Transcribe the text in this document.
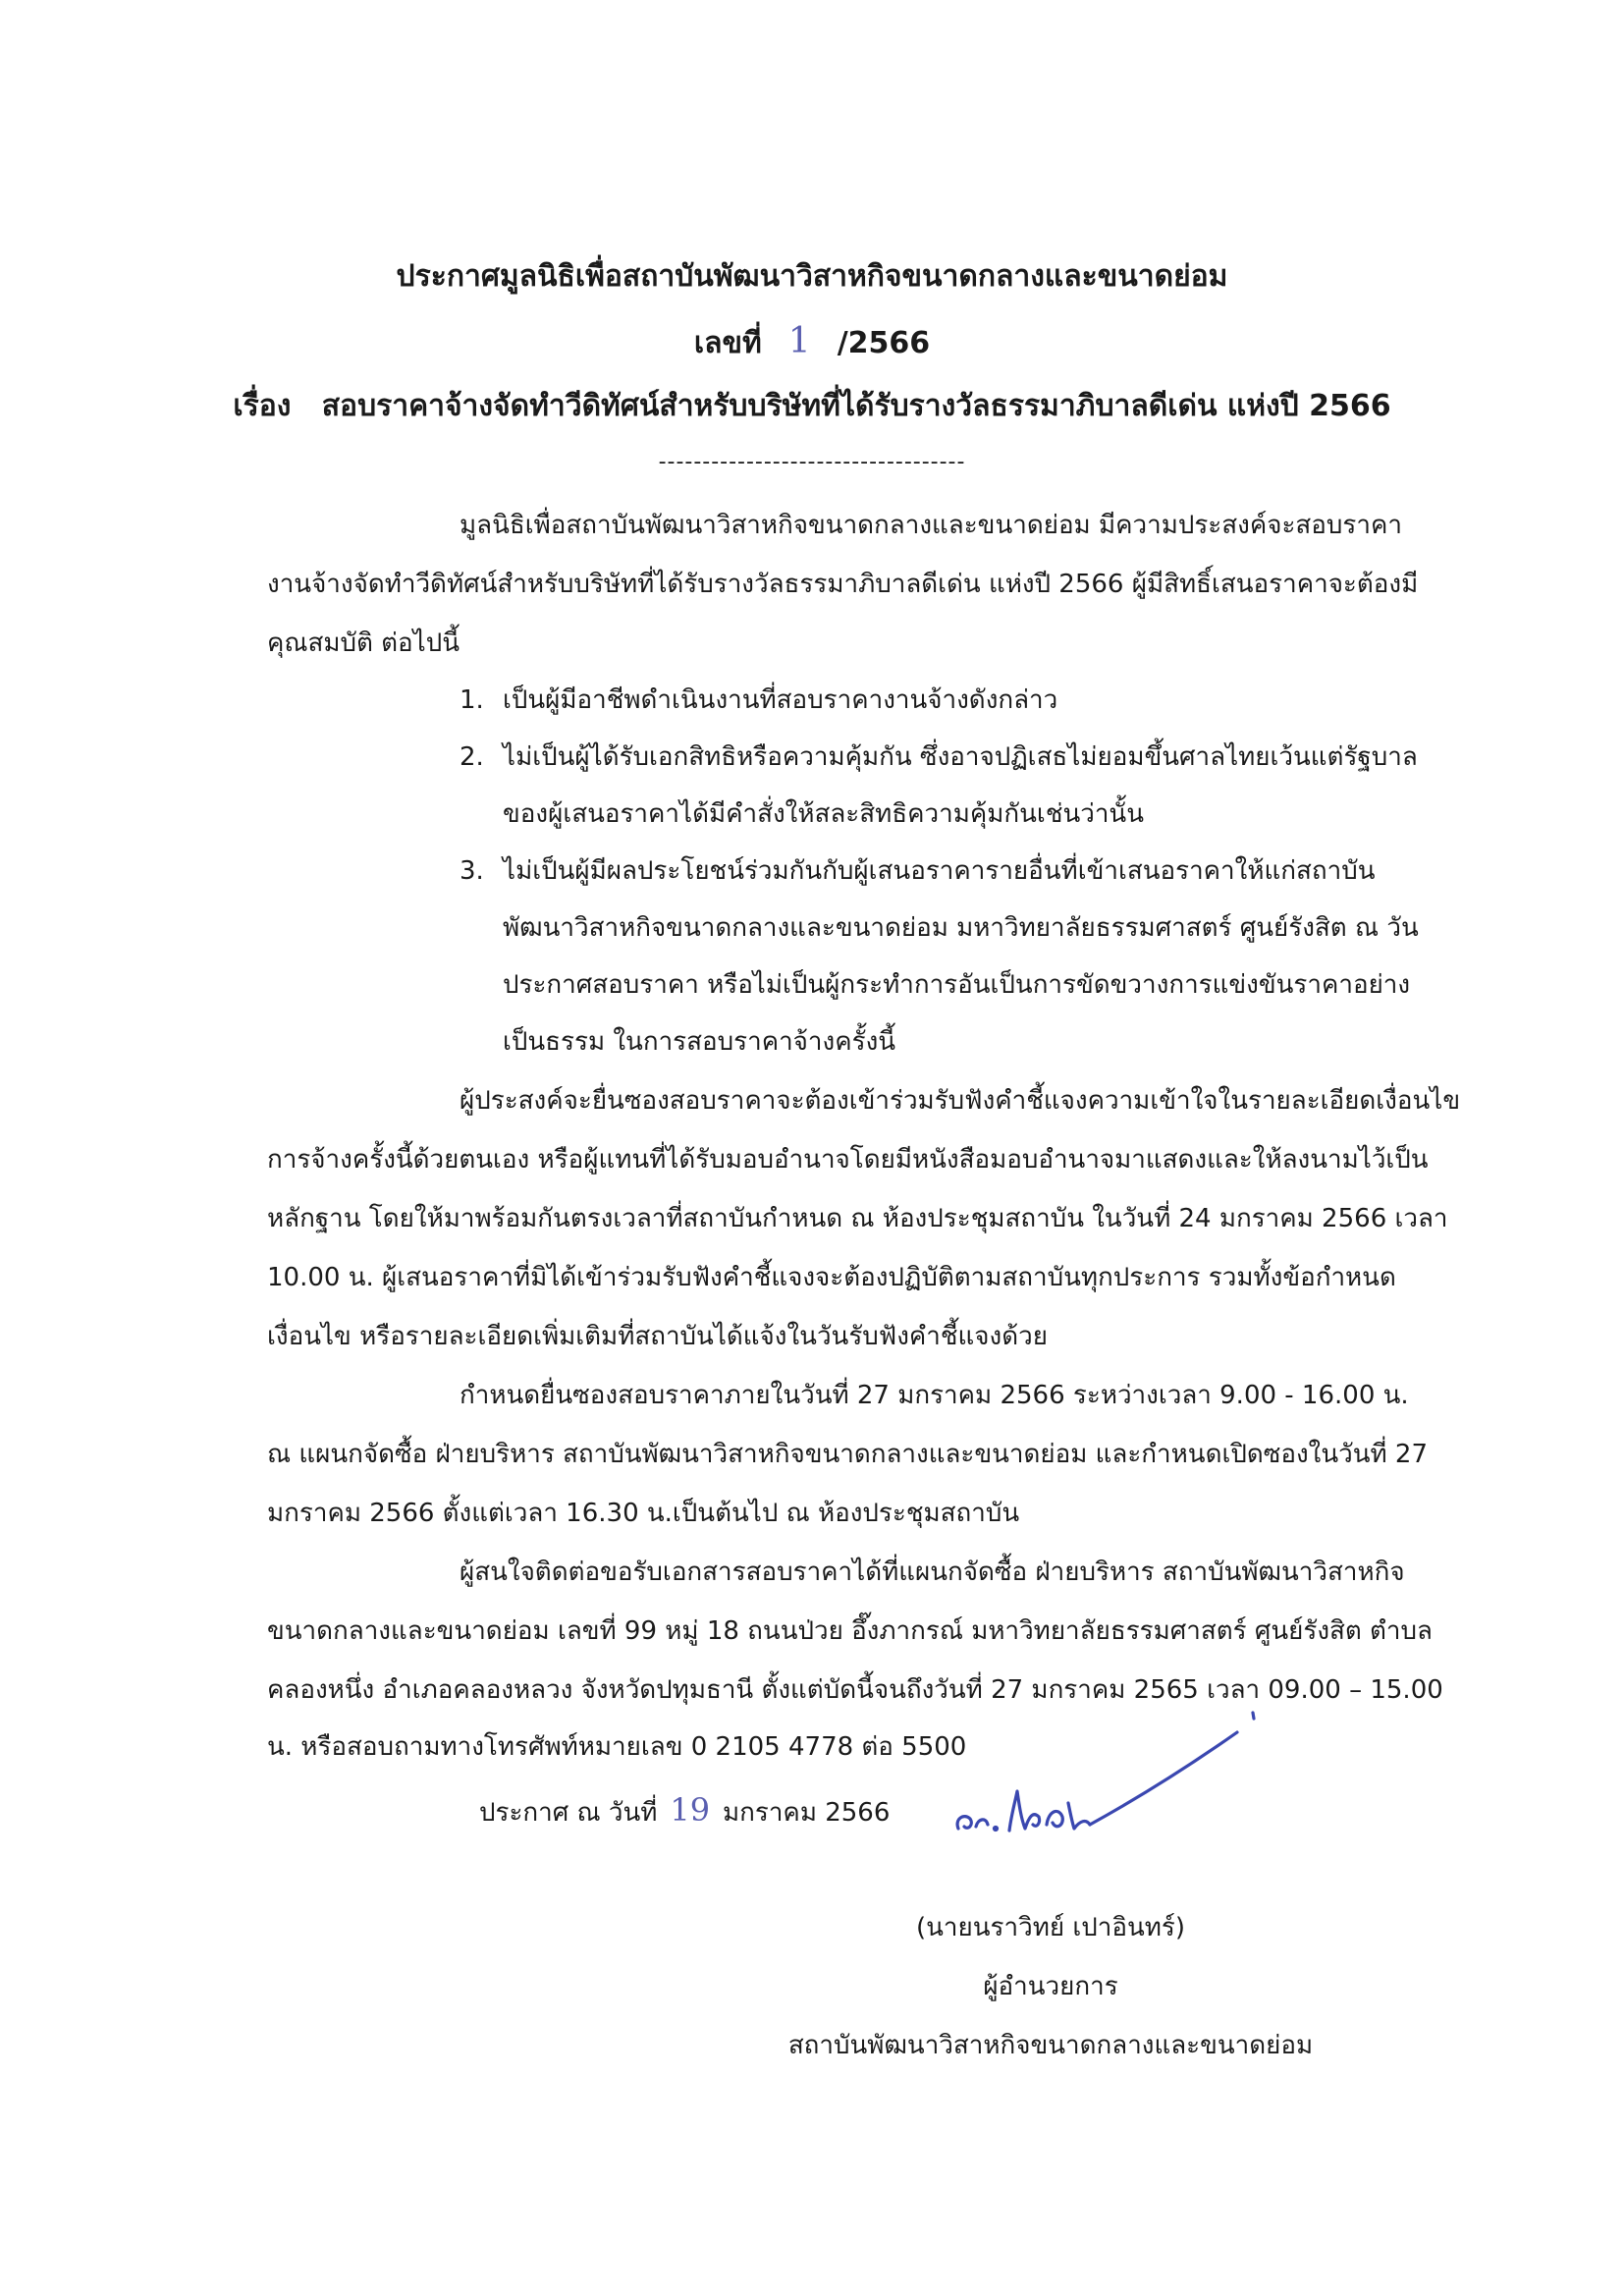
ประกาศมูลนิธิเพื่อสถาบันพัฒนาวิสาหกิจขนาดกลางและขนาดย่อม
เลขที่ 1 /2566
เรื่อง สอบราคาจ้างจัดทำวีดิทัศน์สำหรับบริษัทที่ได้รับรางวัลธรรมาภิบาลดีเด่น แห่งปี 2566
-----------------------------------
มูลนิธิเพื่อสถาบันพัฒนาวิสาหกิจขนาดกลางและขนาดย่อม มีความประสงค์จะสอบราคา
งานจ้างจัดทำวีดิทัศน์สำหรับบริษัทที่ได้รับรางวัลธรรมาภิบาลดีเด่น แห่งปี 2566 ผู้มีสิทธิ์เสนอราคาจะต้องมี
คุณสมบัติ ต่อไปนี้
1. เป็นผู้มีอาชีพดำเนินงานที่สอบราคางานจ้างดังกล่าว
2. ไม่เป็นผู้ได้รับเอกสิทธิหรือความคุ้มกัน ซึ่งอาจปฏิเสธไม่ยอมขึ้นศาลไทยเว้นแต่รัฐบาล
ของผู้เสนอราคาได้มีคำสั่งให้สละสิทธิความคุ้มกันเช่นว่านั้น
3. ไม่เป็นผู้มีผลประโยชน์ร่วมกันกับผู้เสนอราคารายอื่นที่เข้าเสนอราคาให้แก่สถาบัน
พัฒนาวิสาหกิจขนาดกลางและขนาดย่อม มหาวิทยาลัยธรรมศาสตร์ ศูนย์รังสิต ณ วัน
ประกาศสอบราคา หรือไม่เป็นผู้กระทำการอันเป็นการขัดขวางการแข่งขันราคาอย่าง
เป็นธรรม ในการสอบราคาจ้างครั้งนี้
ผู้ประสงค์จะยื่นซองสอบราคาจะต้องเข้าร่วมรับฟังคำชี้แจงความเข้าใจในรายละเอียดเงื่อนไข
การจ้างครั้งนี้ด้วยตนเอง หรือผู้แทนที่ได้รับมอบอำนาจโดยมีหนังสือมอบอำนาจมาแสดงและให้ลงนามไว้เป็น
หลักฐาน โดยให้มาพร้อมกันตรงเวลาที่สถาบันกำหนด ณ ห้องประชุมสถาบัน ในวันที่ 24 มกราคม 2566 เวลา
10.00 น. ผู้เสนอราคาที่มิได้เข้าร่วมรับฟังคำชี้แจงจะต้องปฏิบัติตามสถาบันทุกประการ รวมทั้งข้อกำหนด
เงื่อนไข หรือรายละเอียดเพิ่มเติมที่สถาบันได้แจ้งในวันรับฟังคำชี้แจงด้วย
กำหนดยื่นซองสอบราคาภายในวันที่ 27 มกราคม 2566 ระหว่างเวลา 9.00 - 16.00 น.
ณ แผนกจัดซื้อ ฝ่ายบริหาร สถาบันพัฒนาวิสาหกิจขนาดกลางและขนาดย่อม และกำหนดเปิดซองในวันที่ 27
มกราคม 2566 ตั้งแต่เวลา 16.30 น.เป็นต้นไป ณ ห้องประชุมสถาบัน
ผู้สนใจติดต่อขอรับเอกสารสอบราคาได้ที่แผนกจัดซื้อ ฝ่ายบริหาร สถาบันพัฒนาวิสาหกิจ
ขนาดกลางและขนาดย่อม เลขที่ 99 หมู่ 18 ถนนป่วย อึ๊งภากรณ์ มหาวิทยาลัยธรรมศาสตร์ ศูนย์รังสิต ตำบล
คลองหนึ่ง อำเภอคลองหลวง จังหวัดปทุมธานี ตั้งแต่บัดนี้จนถึงวันที่ 27 มกราคม 2565 เวลา 09.00 – 15.00
น. หรือสอบถามทางโทรศัพท์หมายเลข 0 2105 4778 ต่อ 5500
ประกาศ ณ วันที่ 19 มกราคม 2566
(นายนราวิทย์ เปาอินทร์)
ผู้อำนวยการ
สถาบันพัฒนาวิสาหกิจขนาดกลางและขนาดย่อม
